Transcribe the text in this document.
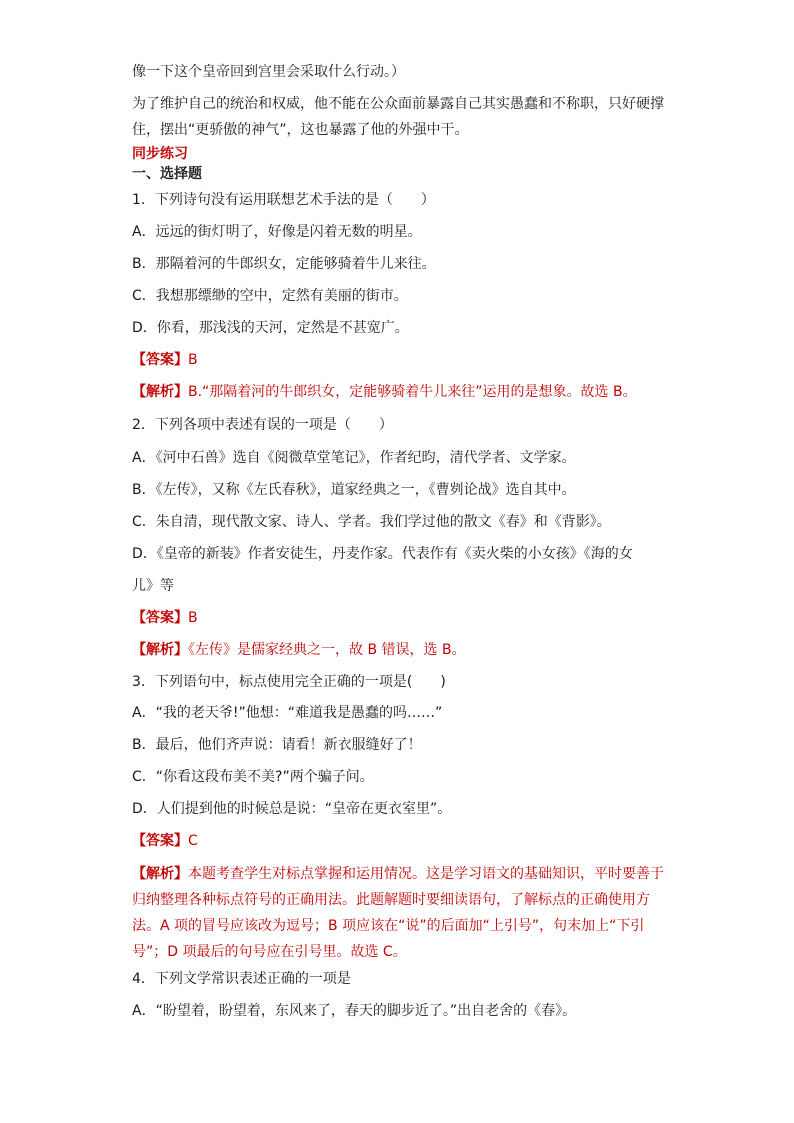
像一下这个皇帝回到宫里会采取什么行动。）

为了维护自己的统治和权威，他不能在公众面前暴露自己其实愚蠢和不称职，只好硬撑

住，摆出“更骄傲的神气”，这也暴露了他的外强中干。

同步练习

一、选择题

1．下列诗句没有运用联想艺术手法的是（　　）

A．远远的街灯明了，好像是闪着无数的明星。

B．那隔着河的牛郎织女，定能够骑着牛儿来往。

C．我想那缥缈的空中，定然有美丽的街市。

D．你看，那浅浅的天河，定然是不甚宽广。

【答案】B

【解析】B.“那隔着河的牛郎织女，定能够骑着牛儿来往”运用的是想象。故选 B。

2．下列各项中表述有误的一项是（　　）

A．《河中石兽》选自《阅微草堂笔记》，作者纪昀，清代学者、文学家。

B．《左传》，又称《左氏春秋》，道家经典之一，《曹刿论战》选自其中。

C．朱自清，现代散文家、诗人、学者。我们学过他的散文《春》和《背影》。

D．《皇帝的新装》作者安徒生，丹麦作家。代表作有《卖火柴的小女孩》《海的女

儿》等

【答案】B

【解析】《左传》是儒家经典之一，故 B 错误，选 B。

3．下列语句中，标点使用完全正确的一项是(　　)

A．“我的老天爷!”他想：“难道我是愚蠢的吗……”

B．最后，他们齐声说：请看！新衣服缝好了！

C．“你看这段布美不美?”两个骗子问。

D．人们提到他的时候总是说：“皇帝在更衣室里”。

【答案】C

【解析】本题考查学生对标点掌握和运用情况。这是学习语文的基础知识，平时要善于归纳整理各种标点符号的正确用法。此题解题时要细读语句，了解标点的正确使用方法。A 项的冒号应该改为逗号；B 项应该在“说”的后面加“上引号”，句末加上“下引号”；D 项最后的句号应在引号里。故选 C。

4．下列文学常识表述正确的一项是

A．“盼望着，盼望着，东风来了，春天的脚步近了。”出自老舍的《春》。
